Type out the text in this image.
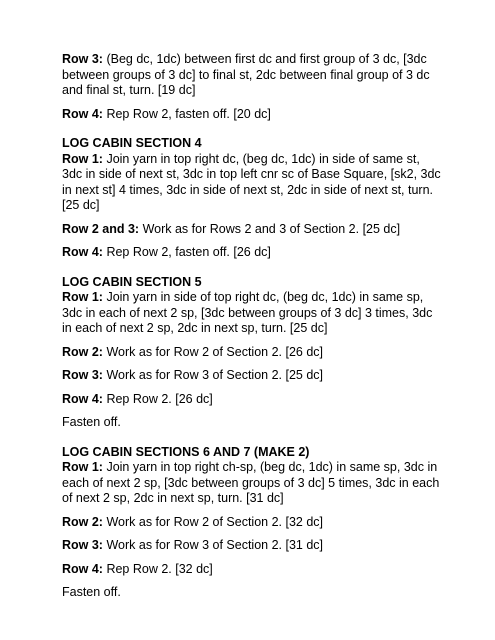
Row 3: (Beg dc, 1dc) between first dc and first group of 3 dc, [3dc between groups of 3 dc] to final st, 2dc between final group of 3 dc and final st, turn. [19 dc]

Row 4: Rep Row 2, fasten off. [20 dc]

LOG CABIN SECTION 4

Row 1: Join yarn in top right dc, (beg dc, 1dc) in side of same st, 3dc in side of next st, 3dc in top left cnr sc of Base Square, [sk2, 3dc in next st] 4 times, 3dc in side of next st, 2dc in side of next st, turn. [25 dc]

Row 2 and 3: Work as for Rows 2 and 3 of Section 2. [25 dc]

Row 4: Rep Row 2, fasten off. [26 dc]

LOG CABIN SECTION 5

Row 1: Join yarn in side of top right dc, (beg dc, 1dc) in same sp, 3dc in each of next 2 sp, [3dc between groups of 3 dc] 3 times, 3dc in each of next 2 sp, 2dc in next sp, turn. [25 dc]

Row 2: Work as for Row 2 of Section 2. [26 dc]

Row 3: Work as for Row 3 of Section 2. [25 dc]

Row 4: Rep Row 2. [26 dc]

Fasten off.

LOG CABIN SECTIONS 6 AND 7 (MAKE 2)

Row 1: Join yarn in top right ch-sp, (beg dc, 1dc) in same sp, 3dc in each of next 2 sp, [3dc between groups of 3 dc] 5 times, 3dc in each of next 2 sp, 2dc in next sp, turn. [31 dc]

Row 2: Work as for Row 2 of Section 2. [32 dc]

Row 3: Work as for Row 3 of Section 2. [31 dc]

Row 4: Rep Row 2. [32 dc]

Fasten off.
